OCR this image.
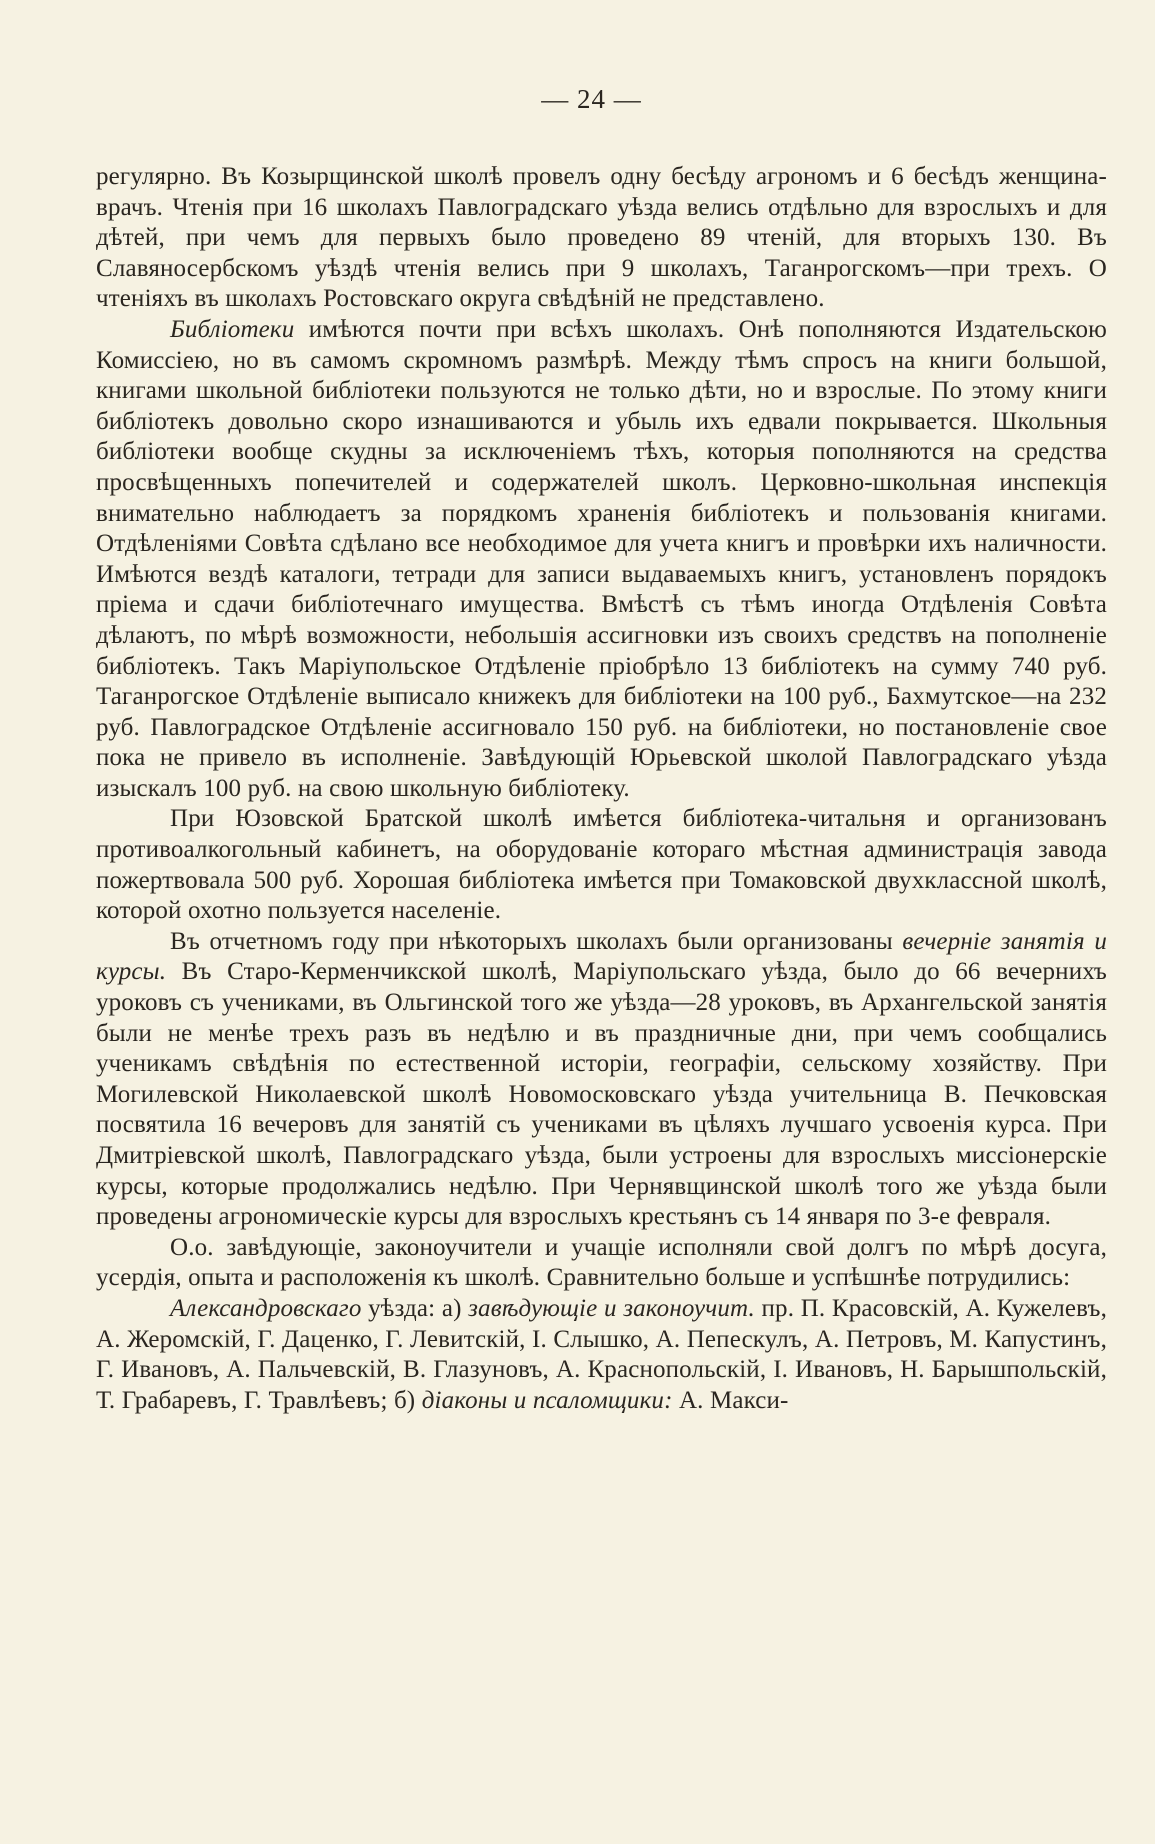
— 24 —

регулярно. Въ Козырщинской школѣ провелъ одну бесѣду агрономъ и 6 бесѣдъ женщина-врачъ. Чтенія при 16 школахъ Павлоградскаго уѣзда велись отдѣльно для взрослыхъ и для дѣтей, при чемъ для первыхъ было проведено 89 чтеній, для вторыхъ 130. Въ Славяносербскомъ уѣздѣ чтенія велись при 9 школахъ, Таганрогскомъ—при трехъ. О чтеніяхъ въ школахъ Ростовскаго округа свѣдѣній не представлено.

Библіотеки имѣются почти при всѣхъ школахъ. Онѣ пополняются Издательскою Комиссіею, но въ самомъ скромномъ размѣрѣ. Между тѣмъ спросъ на книги большой, книгами школьной библіотеки пользуются не только дѣти, но и взрослые. По этому книги библіотекъ довольно скоро изнашиваются и убыль ихъ едвали покрывается. Школьныя библіотеки вообще скудны за исключеніемъ тѣхъ, которыя пополняются на средства просвѣщенныхъ попечителей и содержателей школъ. Церковно-школьная инспекція внимательно наблюдаетъ за порядкомъ храненія библіотекъ и пользованія книгами. Отдѣленіями Совѣта сдѣлано все необходимое для учета книгъ и провѣрки ихъ наличности. Имѣются вездѣ каталоги, тетради для записи выдаваемыхъ книгъ, установленъ порядокъ пріема и сдачи библіотечнаго имущества. Вмѣстѣ съ тѣмъ иногда Отдѣленія Совѣта дѣлаютъ, по мѣрѣ возможности, небольшія ассигновки изъ своихъ средствъ на пополненіе библіотекъ. Такъ Маріупольское Отдѣленіе пріобрѣло 13 библіотекъ на сумму 740 руб. Таганрогское Отдѣленіе выписало книжекъ для библіотеки на 100 руб., Бахмутское—на 232 руб. Павлоградское Отдѣленіе ассигновало 150 руб. на библіотеки, но постановленіе свое пока не привело въ исполненіе. Завѣдующій Юрьевской школой Павлоградскаго уѣзда изыскалъ 100 руб. на свою школьную библіотеку.

При Юзовской Братской школѣ имѣется библіотека-читальня и организованъ противоалкогольный кабинетъ, на оборудованіе котораго мѣстная администрація завода пожертвовала 500 руб. Хорошая библіотека имѣется при Томаковской двухклассной школѣ, которой охотно пользуется населеніе.

Въ отчетномъ году при нѣкоторыхъ школахъ были организованы вечерніе занятія и курсы. Въ Старо-Керменчикской школѣ, Маріупольскаго уѣзда, было до 66 вечернихъ уроковъ съ учениками, въ Ольгинской того же уѣзда—28 уроковъ, въ Архангельской занятія были не менѣе трехъ разъ въ недѣлю и въ праздничные дни, при чемъ сообщались ученикамъ свѣдѣнія по естественной исторіи, географіи, сельскому хозяйству. При Могилевской Николаевской школѣ Новомосковскаго уѣзда учительница В. Печковская посвятила 16 вечеровъ для занятій съ учениками въ цѣляхъ лучшаго усвоенія курса. При Дмитріевской школѣ, Павлоградскаго уѣзда, были устроены для взрослыхъ миссіонерскіе курсы, которые продолжались недѣлю. При Чернявщинской школѣ того же уѣзда были проведены агрономическіе курсы для взрослыхъ крестьянъ съ 14 января по 3-е февраля.

О.о. завѣдующіе, законоучители и учащіе исполняли свой долгъ по мѣрѣ досуга, усердія, опыта и расположенія къ школѣ. Сравнительно больше и успѣшнѣе потрудились:

Александровскаго уѣзда: а) завѣдующіе и законоучит. пр. П. Красовскій, А. Кужелевъ, А. Жеромскій, Г. Даценко, Г. Левитскій, І. Слышко, А. Пепескулъ, А. Петровъ, М. Капустинъ, Г. Ивановъ, А. Пальчевскій, В. Глазуновъ, А. Краснопольскій, І. Ивановъ, Н. Барышпольскій, Т. Грабаревъ, Г. Травлѣевъ; б) діаконы и псаломщики: А. Макси-
